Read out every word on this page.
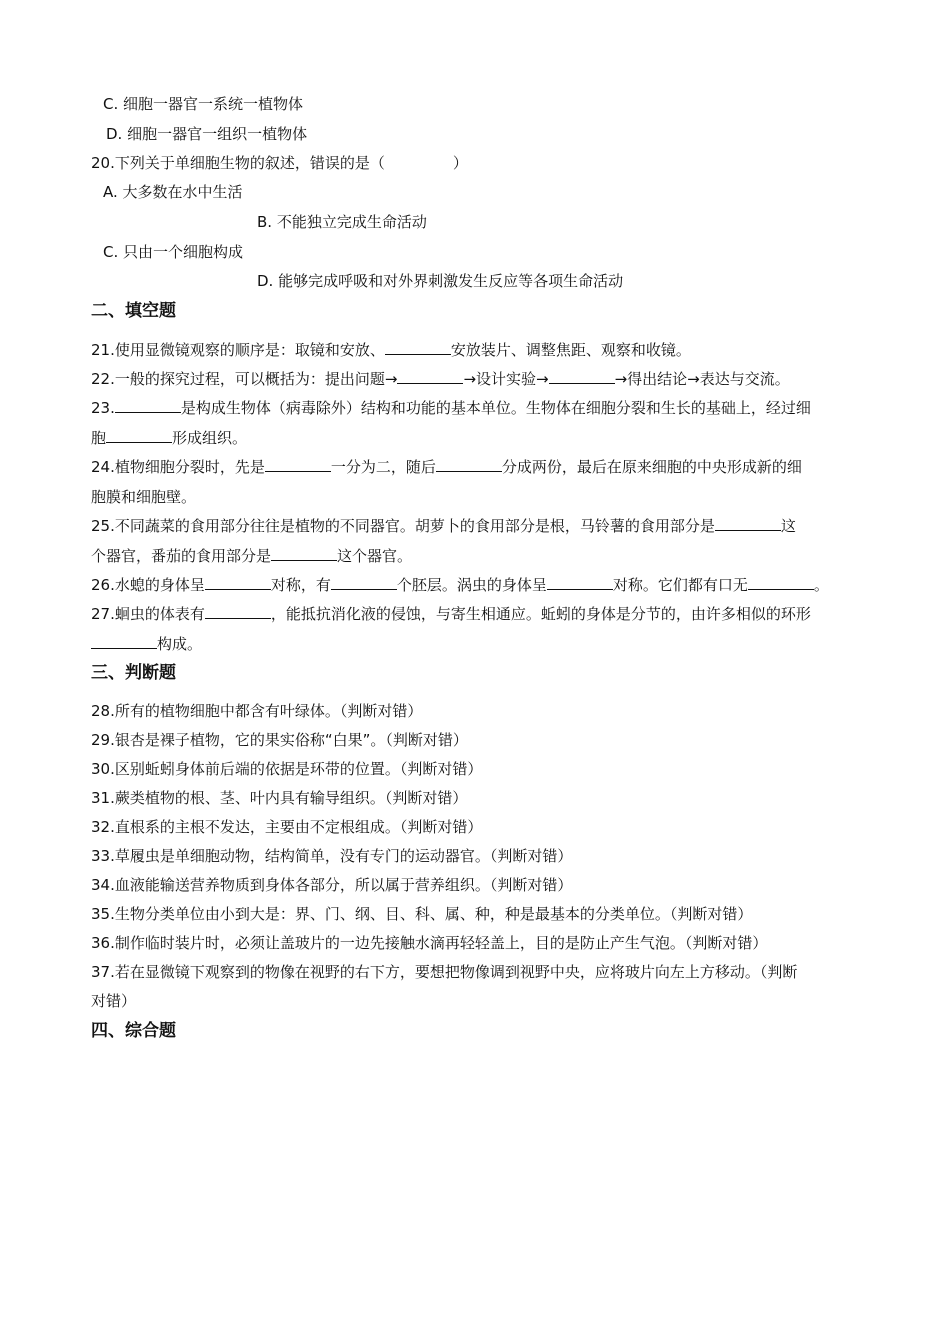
C. 细胞一器官一系统一植物体
D. 细胞一器官一组织一植物体
20.下列关于单细胞生物的叙述，错误的是（	）
A. 大多数在水中生活
B. 不能独立完成生命活动
C. 只由一个细胞构成
D. 能够完成呼吸和对外界刺激发生反应等各项生命活动
二、填空题
21.使用显微镜观察的顺序是：取镜和安放、	安放装片、调整焦距、观察和收镜。
22.一般的探究过程，可以概括为：提出问题→	→设计实验→	→得出结论→表达与交流。
23.	是构成生物体（病毒除外）结构和功能的基本单位。生物体在细胞分裂和生长的基础上，经过细
胞	形成组织。
24.植物细胞分裂时，先是	一分为二，随后	分成两份，最后在原来细胞的中央形成新的细
胞膜和细胞壁。
25.不同蔬菜的食用部分往往是植物的不同器官。胡萝卜的食用部分是根，马铃薯的食用部分是	这
个器官，番茄的食用部分是	这个器官。
26.水螅的身体呈	对称，有	个胚层。涡虫的身体呈	对称。它们都有口无	。
27.蛔虫的体表有	，能抵抗消化液的侵蚀，与寄生相通应。蚯蚓的身体是分节的，由许多相似的环形
构成。
三、判断题
28.所有的植物细胞中都含有叶绿体。（判断对错）
29.银杏是裸子植物，它的果实俗称“白果”。（判断对错）
30.区别蚯蚓身体前后端的依据是环带的位置。（判断对错）
31.蕨类植物的根、茎、叶内具有输导组织。（判断对错）
32.直根系的主根不发达，主要由不定根组成。（判断对错）
33.草履虫是单细胞动物，结构简单，没有专门的运动器官。（判断对错）
34.血液能输送营养物质到身体各部分，所以属于营养组织。（判断对错）
35.生物分类单位由小到大是：界、门、纲、目、科、属、种，种是最基本的分类单位。（判断对错）
36.制作临时装片时，必须让盖玻片的一边先接触水滴再轻轻盖上，目的是防止产生气泡。（判断对错）
37.若在显微镜下观察到的物像在视野的右下方，要想把物像调到视野中央，应将玻片向左上方移动。（判断
对错）
四、综合题
